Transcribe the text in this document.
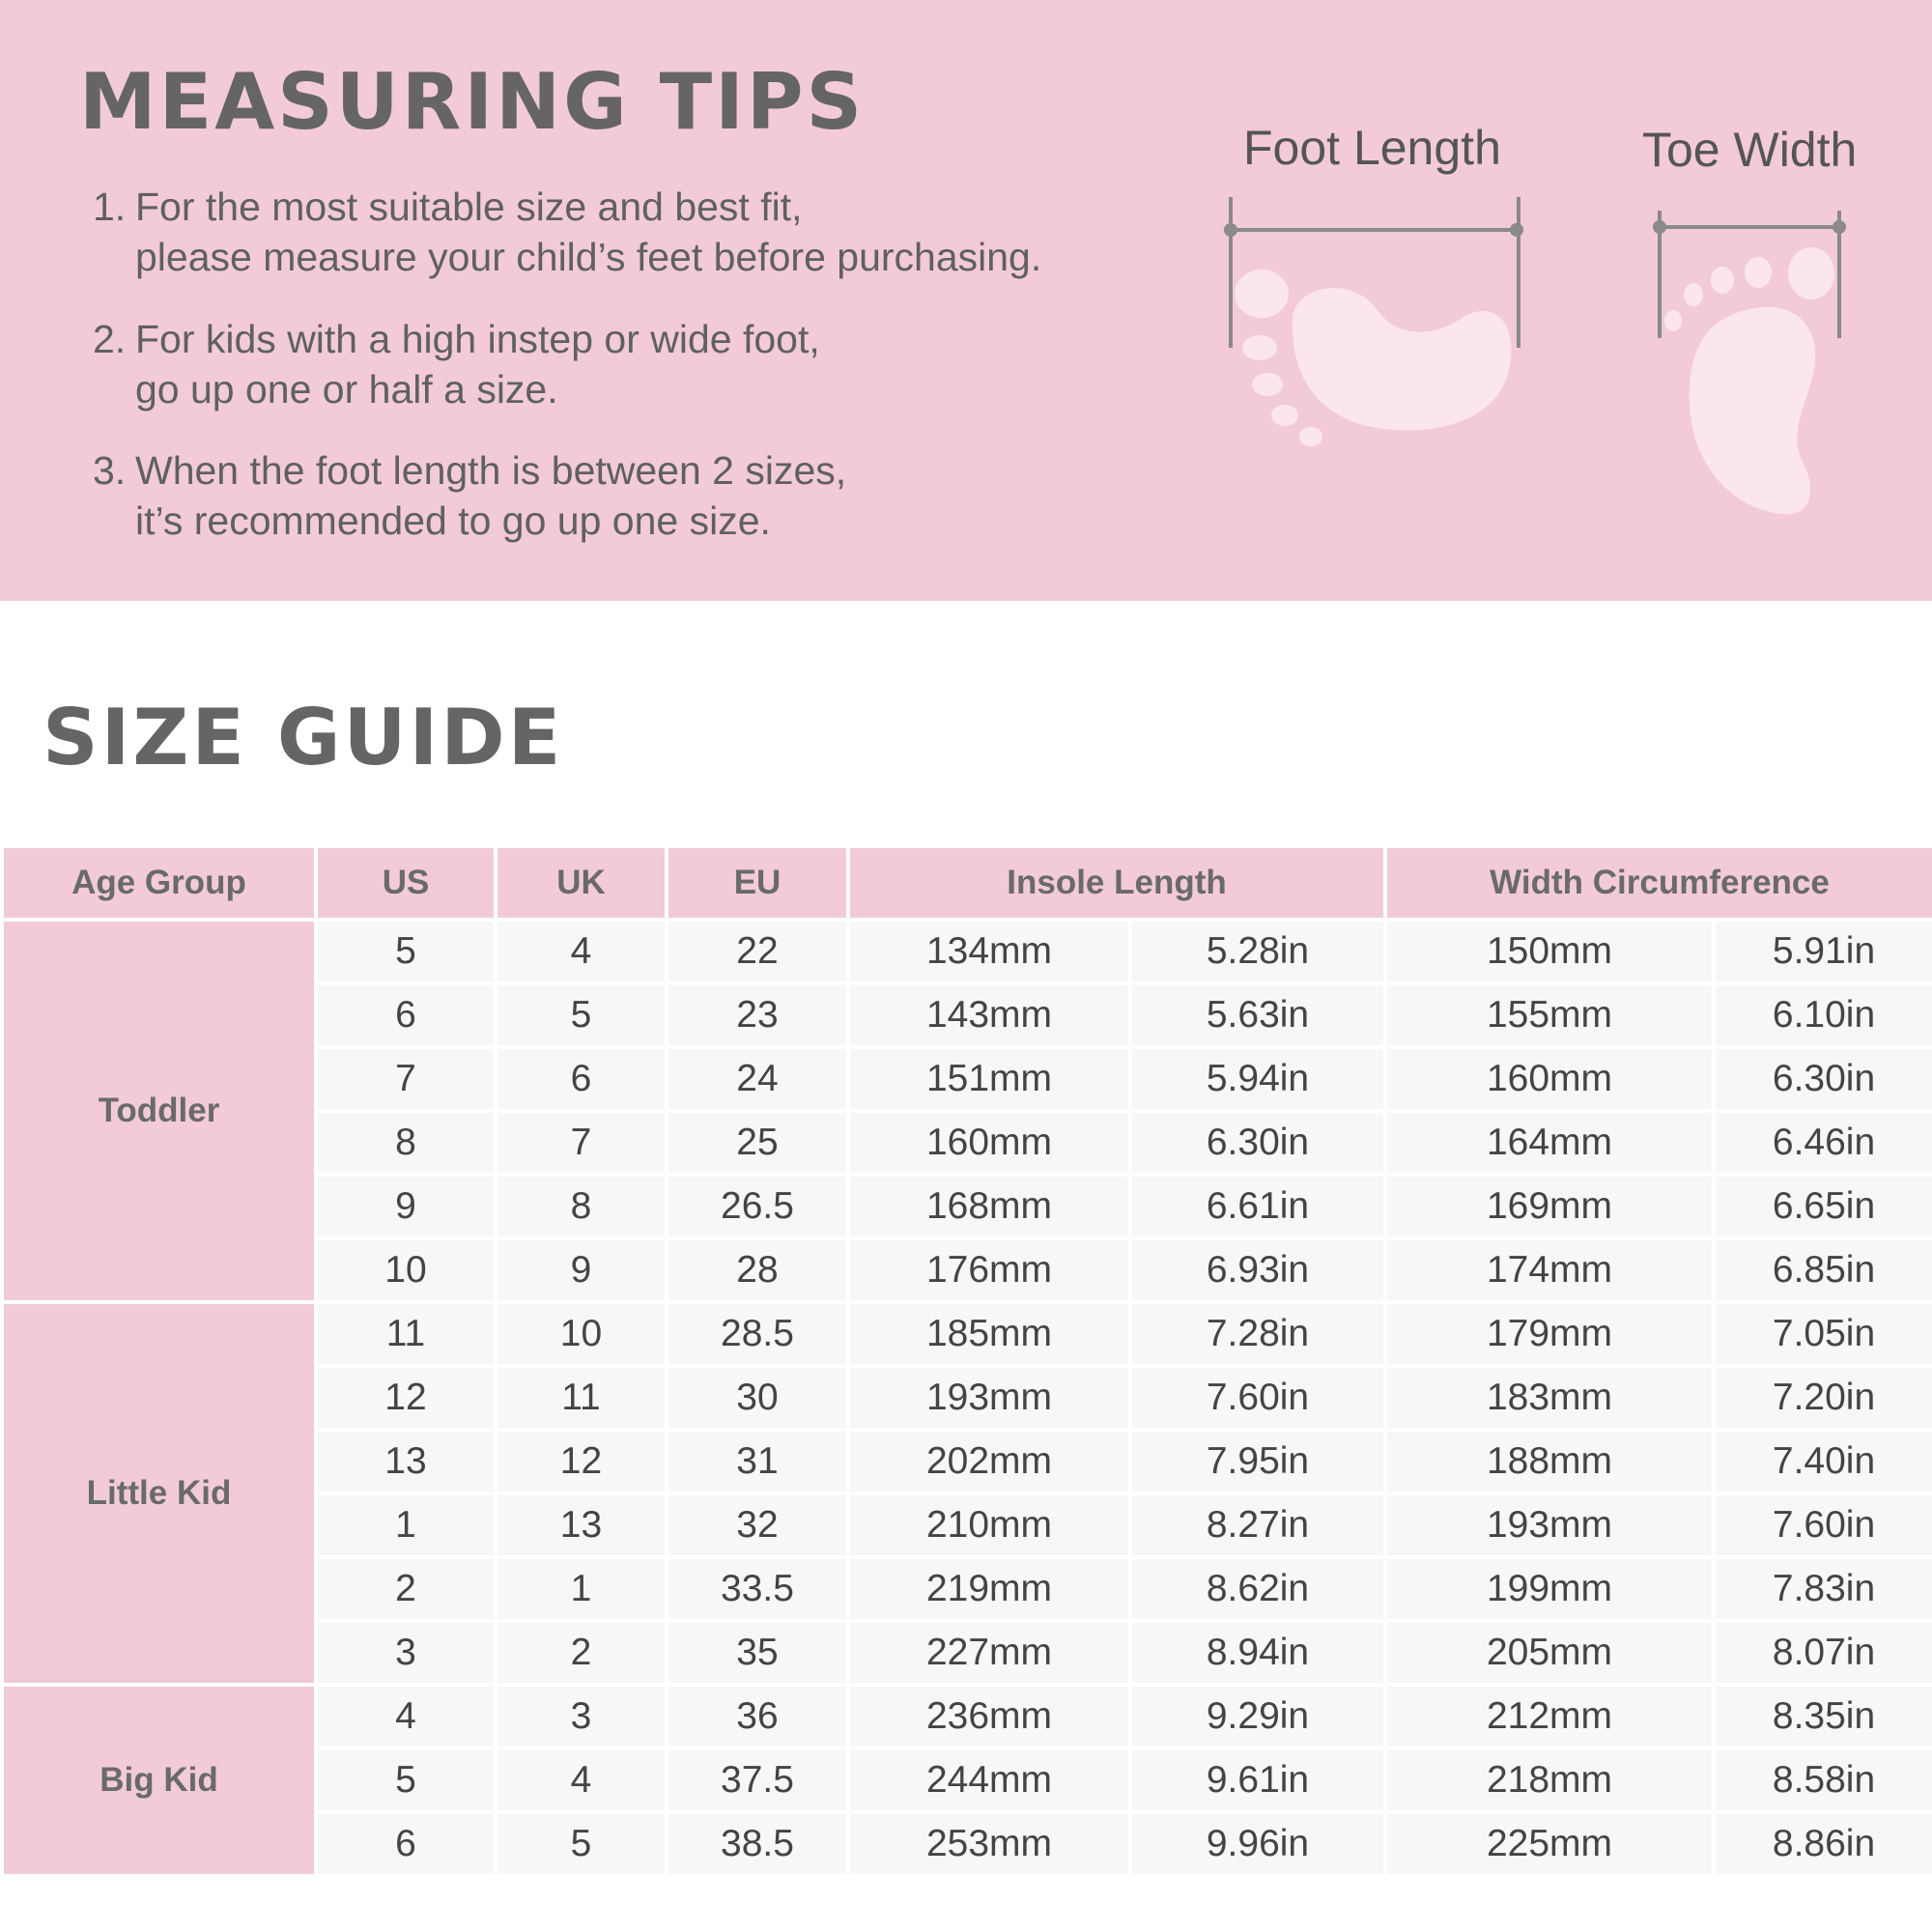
MEASURING TIPS

1. For the most suitable size and best fit,
please measure your child’s feet before purchasing.

2. For kids with a high instep or wide foot,
go up one or half a size.

3. When the foot length is between 2 sizes,
it’s recommended to go up one size.

Foot Length	Toe Width

SIZE GUIDE
Age Group	US	UK	EU	Insole Length		Width Circumference	
Toddler	5	4	22	134mm	5.28in	150mm	5.91in
	6	5	23	143mm	5.63in	155mm	6.10in
	7	6	24	151mm	5.94in	160mm	6.30in
	8	7	25	160mm	6.30in	164mm	6.46in
	9	8	26.5	168mm	6.61in	169mm	6.65in
	10	9	28	176mm	6.93in	174mm	6.85in
Little Kid	11	10	28.5	185mm	7.28in	179mm	7.05in
	12	11	30	193mm	7.60in	183mm	7.20in
	13	12	31	202mm	7.95in	188mm	7.40in
	1	13	32	210mm	8.27in	193mm	7.60in
	2	1	33.5	219mm	8.62in	199mm	7.83in
	3	2	35	227mm	8.94in	205mm	8.07in
Big Kid	4	3	36	236mm	9.29in	212mm	8.35in
	5	4	37.5	244mm	9.61in	218mm	8.58in
	6	5	38.5	253mm	9.96in	225mm	8.86in
